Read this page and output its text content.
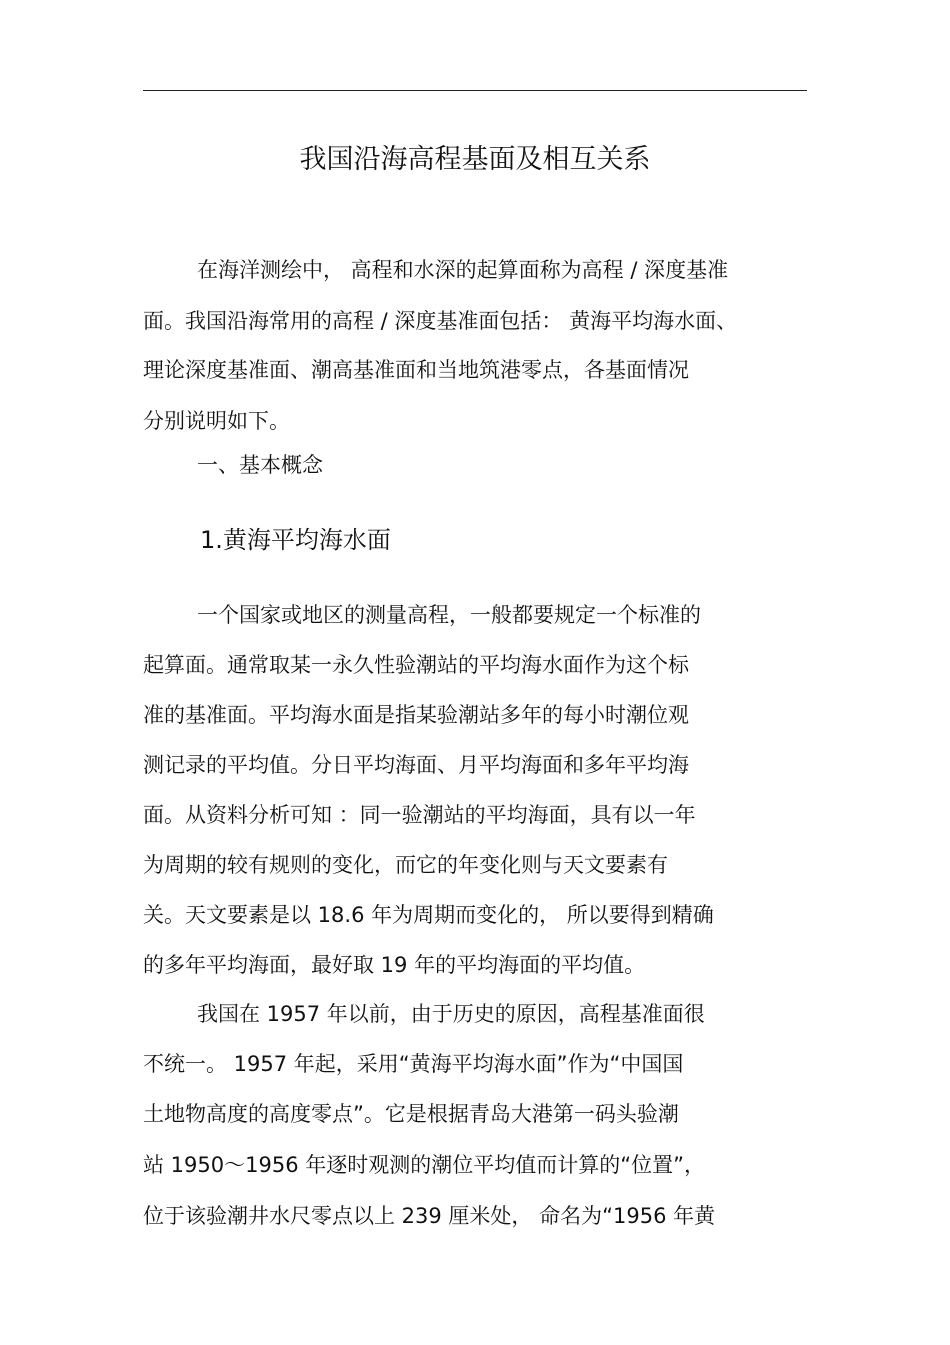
我国沿海高程基面及相互关系
在海洋测绘中， 高程和水深的起算面称为高程 / 深度基准
面。我国沿海常用的高程 / 深度基准面包括： 黄海平均海水面、
理论深度基准面、潮高基准面和当地筑港零点，各基面情况
分别说明如下。
一、基本概念
1.黄海平均海水面
一个国家或地区的测量高程，一般都要规定一个标准的
起算面。通常取某一永久性验潮站的平均海水面作为这个标
准的基准面。平均海水面是指某验潮站多年的每小时潮位观
测记录的平均值。分日平均海面、月平均海面和多年平均海
面。从资料分析可知 ：同一验潮站的平均海面，具有以一年
为周期的较有规则的变化，而它的年变化则与天文要素有
关。天文要素是以 18.6 年为周期而变化的， 所以要得到精确
的多年平均海面，最好取 19 年的平均海面的平均值。
我国在 1957 年以前，由于历史的原因，高程基准面很
不统一。 1957 年起，采用“黄海平均海水面”作为“中国国
土地物高度的高度零点”。它是根据青岛大港第一码头验潮
站 1950～1956 年逐时观测的潮位平均值而计算的“位置”，
位于该验潮井水尺零点以上 239 厘米处， 命名为“1956 年黄
